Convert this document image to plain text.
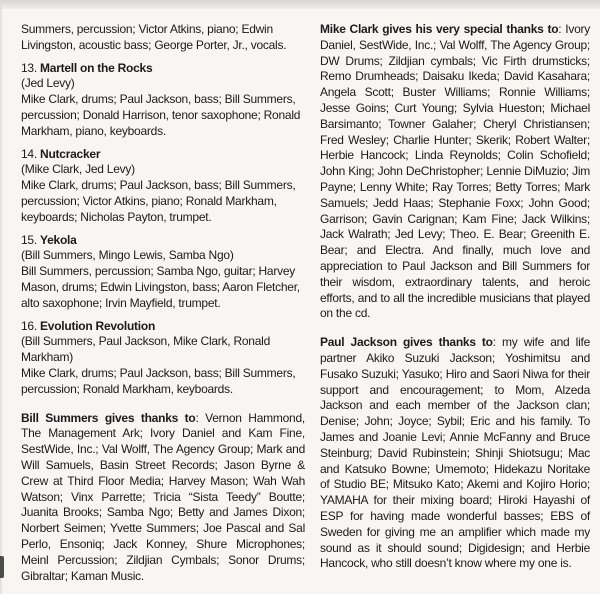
Summers, percussion; Victor Atkins, piano; Edwin Livingston, acoustic bass; George Porter, Jr., vocals.

13. Martell on the Rocks

(Jed Levy)

Mike Clark, drums; Paul Jackson, bass; Bill Summers, percussion; Donald Harrison, tenor saxophone; Ronald Markham, piano, keyboards.

14. Nutcracker

(Mike Clark, Jed Levy)

Mike Clark, drums; Paul Jackson, bass; Bill Summers, percussion; Victor Atkins, piano; Ronald Markham, keyboards; Nicholas Payton, trumpet.

15. Yekola

(Bill Summers, Mingo Lewis, Samba Ngo)

Bill Summers, percussion; Samba Ngo, guitar; Harvey Mason, drums; Edwin Livingston, bass; Aaron Fletcher, alto saxophone; Irvin Mayfield, trumpet.

16. Evolution Revolution

(Bill Summers, Paul Jackson, Mike Clark, Ronald Markham)

Mike Clark, drums; Paul Jackson, bass; Bill Summers, percussion; Ronald Markham, keyboards.

Bill Summers gives thanks to: Vernon Hammond, The Management Ark; Ivory Daniel and Kam Fine, SestWide, Inc.; Val Wolff, The Agency Group; Mark and Will Samuels, Basin Street Records; Jason Byrne & Crew at Third Floor Media; Harvey Mason; Wah Wah Watson; Vinx Parrette; Tricia “Sista Teedy” Boutte; Juanita Brooks; Samba Ngo; Betty and James Dixon; Norbert Seimen; Yvette Summers; Joe Pascal and Sal Perlo, Ensoniq; Jack Konney, Shure Microphones; Meinl Percussion; Zildjian Cymbals; Sonor Drums; Gibraltar; Kaman Music.

Mike Clark gives his very special thanks to: Ivory Daniel, SestWide, Inc.; Val Wolff, The Agency Group; DW Drums; Zildjian cymbals; Vic Firth drumsticks; Remo Drumheads; Daisaku Ikeda; David Kasahara; Angela Scott; Buster Williams; Ronnie Williams; Jesse Goins; Curt Young; Sylvia Hueston; Michael Barsimanto; Towner Galaher; Cheryl Christiansen; Fred Wesley; Charlie Hunter; Skerik; Robert Walter; Herbie Hancock; Linda Reynolds; Colin Schofield; John King; John DeChristopher; Lennie DiMuzio; Jim Payne; Lenny White; Ray Torres; Betty Torres; Mark Samuels; Jedd Haas; Stephanie Foxx; John Good; Garrison; Gavin Carignan; Kam Fine; Jack Wilkins; Jack Walrath; Jed Levy; Theo. E. Bear; Greenith E. Bear; and Electra. And finally, much love and appreciation to Paul Jackson and Bill Summers for their wisdom, extraordinary talents, and heroic efforts, and to all the incredible musicians that played on the cd.

Paul Jackson gives thanks to: my wife and life partner Akiko Suzuki Jackson; Yoshimitsu and Fusako Suzuki; Yasuko; Hiro and Saori Niwa for their support and encouragement; to Mom, Alzeda Jackson and each member of the Jackson clan; Denise; John; Joyce; Sybil; Eric and his family. To James and Joanie Levi; Annie McFanny and Bruce Steinburg; David Rubinstein; Shinji Shiotsugu; Mac and Katsuko Bowne; Umemoto; Hidekazu Noritake of Studio BE; Mitsuko Kato; Akemi and Kojiro Horio; YAMAHA for their mixing board; Hiroki Hayashi of ESP for having made wonderful basses; EBS of Sweden for giving me an amplifier which made my sound as it should sound; Digidesign; and Herbie Hancock, who still doesn’t know where my one is.
